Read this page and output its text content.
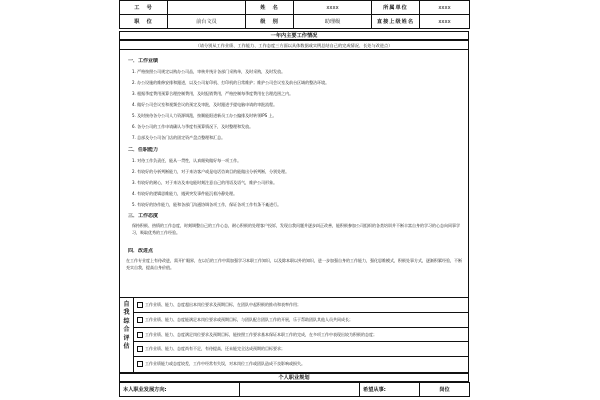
工　号		姓　名	xxxx	所属单位	xxxx
职　位	前台文员	级　别	助理级	直接上级姓名	xxxx
一年内主要工作情况
（请分别从工作业绩、工作能力、工作态度三方面以具体数据或实例总结自己的完成情况、长处与改进点）
一．工作业绩
1. 严格按照公司规定以购办公司品，审核并统计各部门采购单，及时采购，及时发放。
2. 办公设施的维修安排和跟进，以及公司复印机、打印机的日常维护；维护公司会议室及前台区域的整洁环境。
3. 根据季度费用预算合理控制费用，及时报销费用，严格控制每季度费用在合理范围之内。
4. 做好公司会议室和视频会议的预定及审批，及时跟进手提电脑申请的审批流程。
5. 及时接待各分公司人力资源调派，按顺能阳进新员工办公编排及时转领IPS 上。
6. 各分公司的工作申请确认与季度有预算情况下，及时整理和发放。
7. 总部及分公司各门店的固定资产盘点整理和汇总。
二．任职能力
1. 对待工作负责任，能从一贯性，认真细致做好每一项工作。
2. 有较好的分析判断能力，对于来访客户或是电话咨询目的能做出分析判断，分别处理。
3. 有较好的耐心，对于来访及来电能时刻注意自己的用语及语气，维护公司形象。
4. 有较好的逻辑思维能力，遇到突发事件能沉着冷静处理。
5. 有较好的协作能力，能和各部门沟通协调各项工作，保证各项工作有条不紊进行。
三．工作态度
保持积极、热情的工作态度，时刻调整自己的工作心态，耐心积极的处理客户投诉，发现自我问题并逐步纠正改善，能积极参加公司组织的各类培训并不断丰富自身的学习的心态向同事学习，吸取优秀的工作经验。
四．改进点
在工作专业度上有待改进，需开扩眼界，在以后的工作中需加强学习本职工作知识，以及除本职以外的知识，进一步加强自身的工作能力，强化思维模式，积极处事方式，逐渐积累经验，不断充实自我，提高自身价值。
自
我
综
合
评
估
工作业绩、能力、态度超出本岗位要求及预期目标，在团队中起积极的推动和表率作用；
工作业绩、能力、态度能满足本岗位要求或预期目标，与团队配合团队工作的开展，乐于帮助团队其他人员共同成长；
工作业绩、能力、态度满足岗位要求及预期目标，能按照工作要求基本保证本职工作的完成，在多项工作中表现出较为积极的态度；
工作业绩、能力、态度尚有不足，有待提高，还未能完全达成预期的目标要求；
工作业绩能力或态度较差，工作中经常有失误，对本岗位工作或团队造成不良影响或损失。
个人职业规划
本人职业发展方向:		希望从事:	岗位
